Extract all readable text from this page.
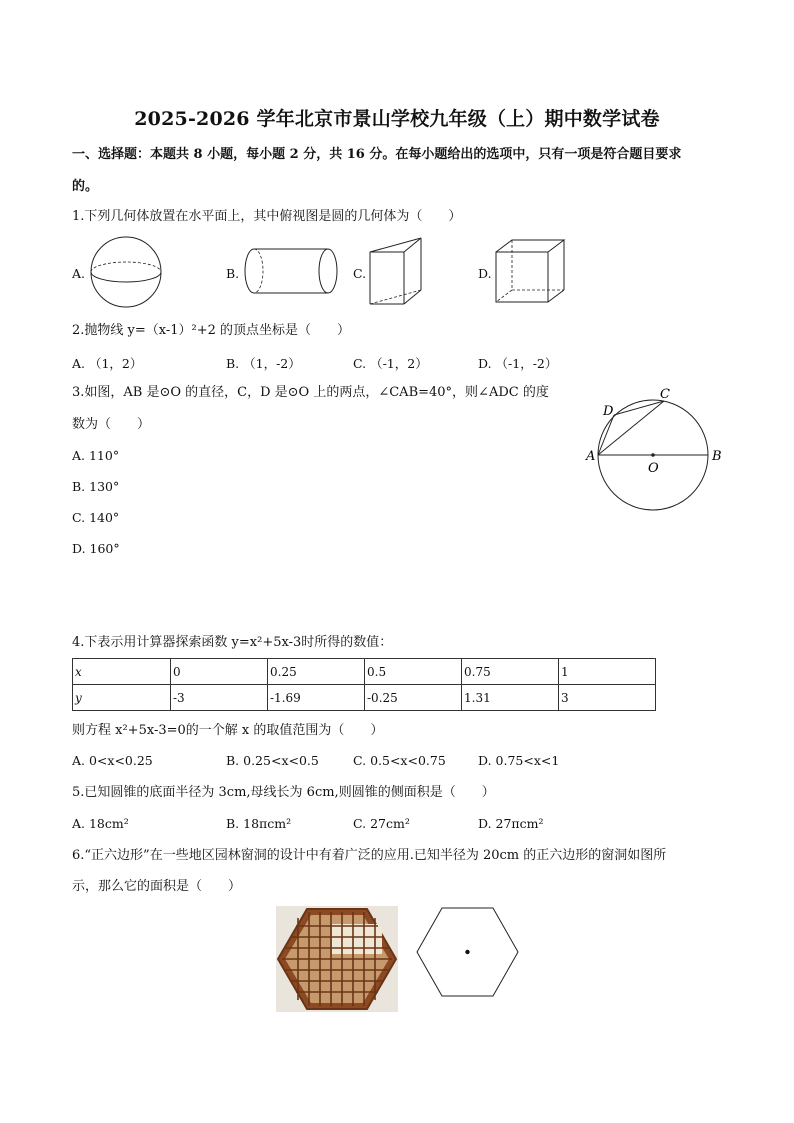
2025-2026 学年北京市景山学校九年级（上）期中数学试卷
一、选择题：本题共 8 小题，每小题 2 分，共 16 分。在每小题给出的选项中，只有一项是符合题目要求
的。
1.下列几何体放置在水平面上，其中俯视图是圆的几何体为（　　）
A.	B.	C.	D.
2.抛物线 y=（x-1）²+2 的顶点坐标是（　　）
A. （1，2）	B. （1，-2）	C. （-1，2）	D. （-1，-2）
3.如图，AB 是⊙O 的直径，C，D 是⊙O 上的两点，∠CAB=40°，则∠ADC 的度
数为（　　）
A. 110°
B. 130°
C. 140°
D. 160°
A	B
C
D
O
4.下表示用计算器探索函数 y=x²+5x-3时所得的数值：
x	0	0.25	0.5	0.75	1
y	-3	-1.69	-0.25	1.31	3
则方程 x²+5x-3=0的一个解 x 的取值范围为（　　）
A. 0<x<0.25	B. 0.25<x<0.5	C. 0.5<x<0.75	D. 0.75<x<1
5.已知圆锥的底面半径为 3cm,母线长为 6cm,则圆锥的侧面积是（　　）
A. 18cm²	B. 18πcm²	C. 27cm²	D. 27πcm²
6.“正六边形”在一些地区园林窗洞的设计中有着广泛的应用.已知半径为 20cm 的正六边形的窗洞如图所
示，那么它的面积是（　　）
